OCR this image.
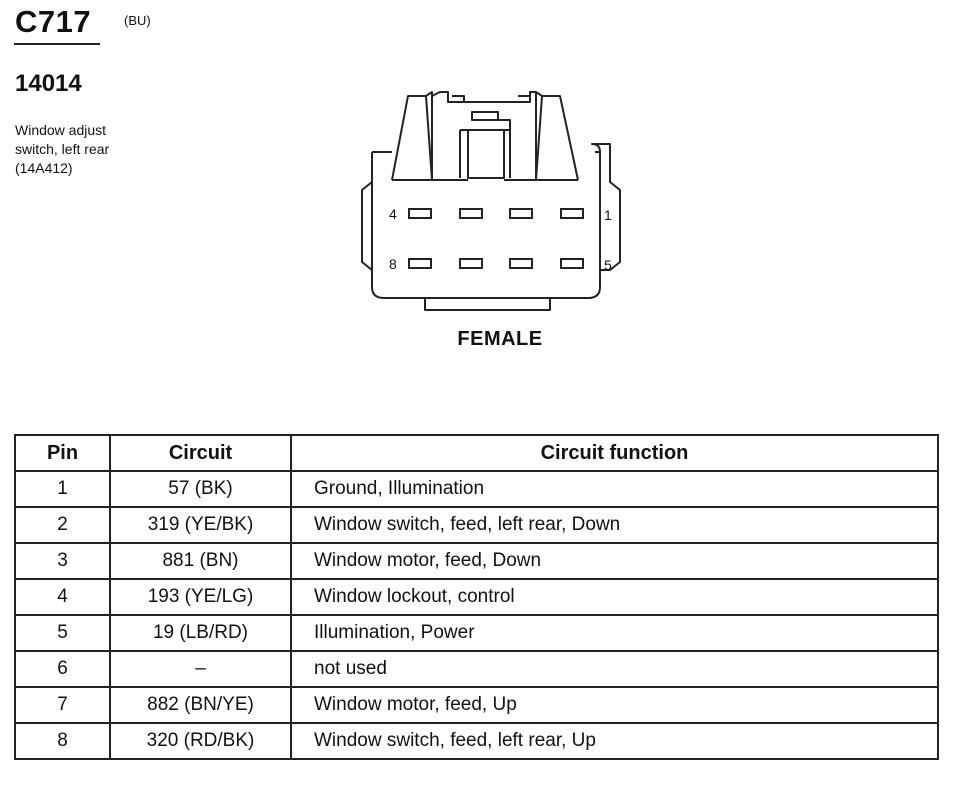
C717	(BU)
14014
Window adjust
switch, left rear
(14A412)
4	1
8	5
FEMALE
Pin	Circuit	Circuit function
1	57 (BK)	Ground, Illumination
2	319 (YE/BK)	Window switch, feed, left rear, Down
3	881 (BN)	Window motor, feed, Down
4	193 (YE/LG)	Window lockout, control
5	19 (LB/RD)	Illumination, Power
6	–	not used
7	882 (BN/YE)	Window motor, feed, Up
8	320 (RD/BK)	Window switch, feed, left rear, Up
